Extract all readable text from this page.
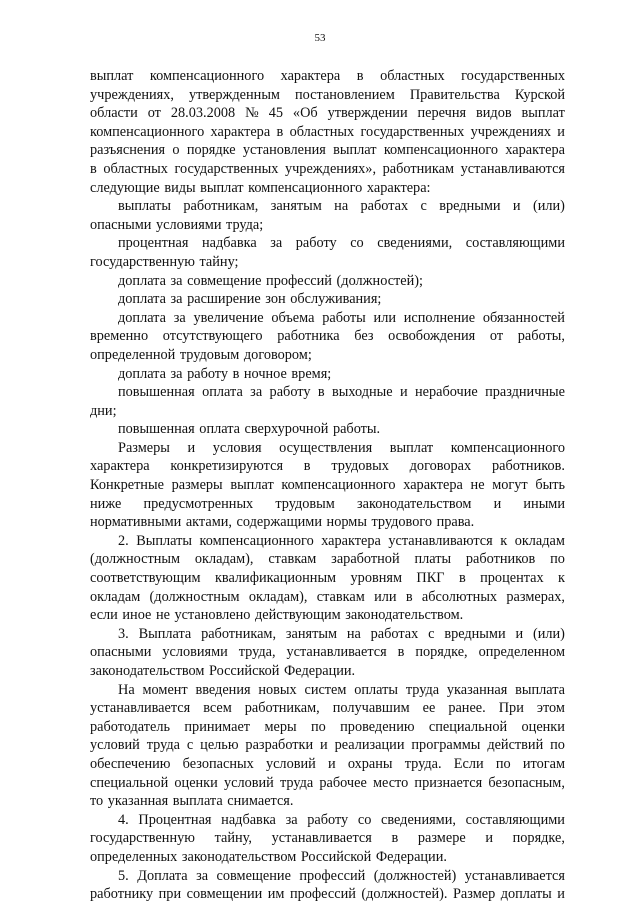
53
выплат компенсационного характера в областных государственных
учреждениях, утвержденным постановлением Правительства Курской
области от 28.03.2008 № 45 «Об утверждении перечня видов выплат
компенсационного характера в областных государственных учреждениях и
разъяснения о порядке установления выплат компенсационного характера
в областных государственных учреждениях», работникам устанавливаются
следующие виды выплат компенсационного характера:
выплаты работникам, занятым на работах с вредными и (или)
опасными условиями труда;
процентная надбавка за работу со сведениями, составляющими
государственную тайну;
доплата за совмещение профессий (должностей);
доплата за расширение зон обслуживания;
доплата за увеличение объема работы или исполнение обязанностей
временно отсутствующего работника без освобождения от работы,
определенной трудовым договором;
доплата за работу в ночное время;
повышенная оплата за работу в выходные и нерабочие праздничные
дни;
повышенная оплата сверхурочной работы.
Размеры и условия осуществления выплат компенсационного
характера конкретизируются в трудовых договорах работников.
Конкретные размеры выплат компенсационного характера не могут быть
ниже предусмотренных трудовым законодательством и иными
нормативными актами, содержащими нормы трудового права.
2. Выплаты компенсационного характера устанавливаются к окладам
(должностным окладам), ставкам заработной платы работников по
соответствующим квалификационным уровням ПКГ в процентах к
окладам (должностным окладам), ставкам или в абсолютных размерах,
если иное не установлено действующим законодательством.
3. Выплата работникам, занятым на работах с вредными и (или)
опасными условиями труда, устанавливается в порядке, определенном
законодательством Российской Федерации.
На момент введения новых систем оплаты труда указанная выплата
устанавливается всем работникам, получавшим ее ранее. При этом
работодатель принимает меры по проведению специальной оценки
условий труда с целью разработки и реализации программы действий по
обеспечению безопасных условий и охраны труда. Если по итогам
специальной оценки условий труда рабочее место признается безопасным,
то указанная выплата снимается.
4. Процентная надбавка за работу со сведениями, составляющими
государственную тайну, устанавливается в размере и порядке,
определенных законодательством Российской Федерации.
5. Доплата за совмещение профессий (должностей) устанавливается
работнику при совмещении им профессий (должностей). Размер доплаты и
